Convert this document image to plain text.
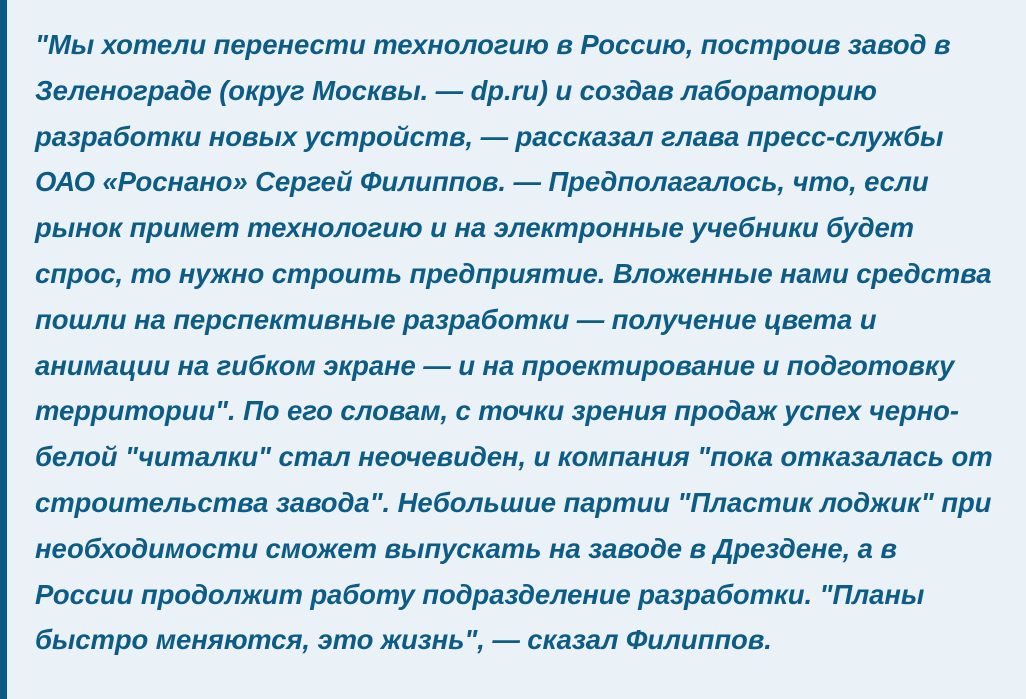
"Мы хотели перенести технологию в Россию, построив завод в Зеленограде (округ Москвы. — dp.ru) и создав лабораторию разработки новых устройств, — рассказал глава пресс-службы ОАО «Роснано» Сергей Филиппов. — Предполагалось, что, если рынок примет технологию и на электронные учебники будет спрос, то нужно строить предприятие. Вложенные нами средства пошли на перспективные разработки — получение цвета и анимации на гибком экране — и на проектирование и подготовку территории". По его словам, с точки зрения продаж успех черно-белой "читалки" стал неочевиден, и компания "пока отказалась от строительства завода". Небольшие партии "Пластик лоджик" при необходимости сможет выпускать на заводе в Дрездене, а в России продолжит работу подразделение разработки. "Планы быстро меняются, это жизнь", — сказал Филиппов.
